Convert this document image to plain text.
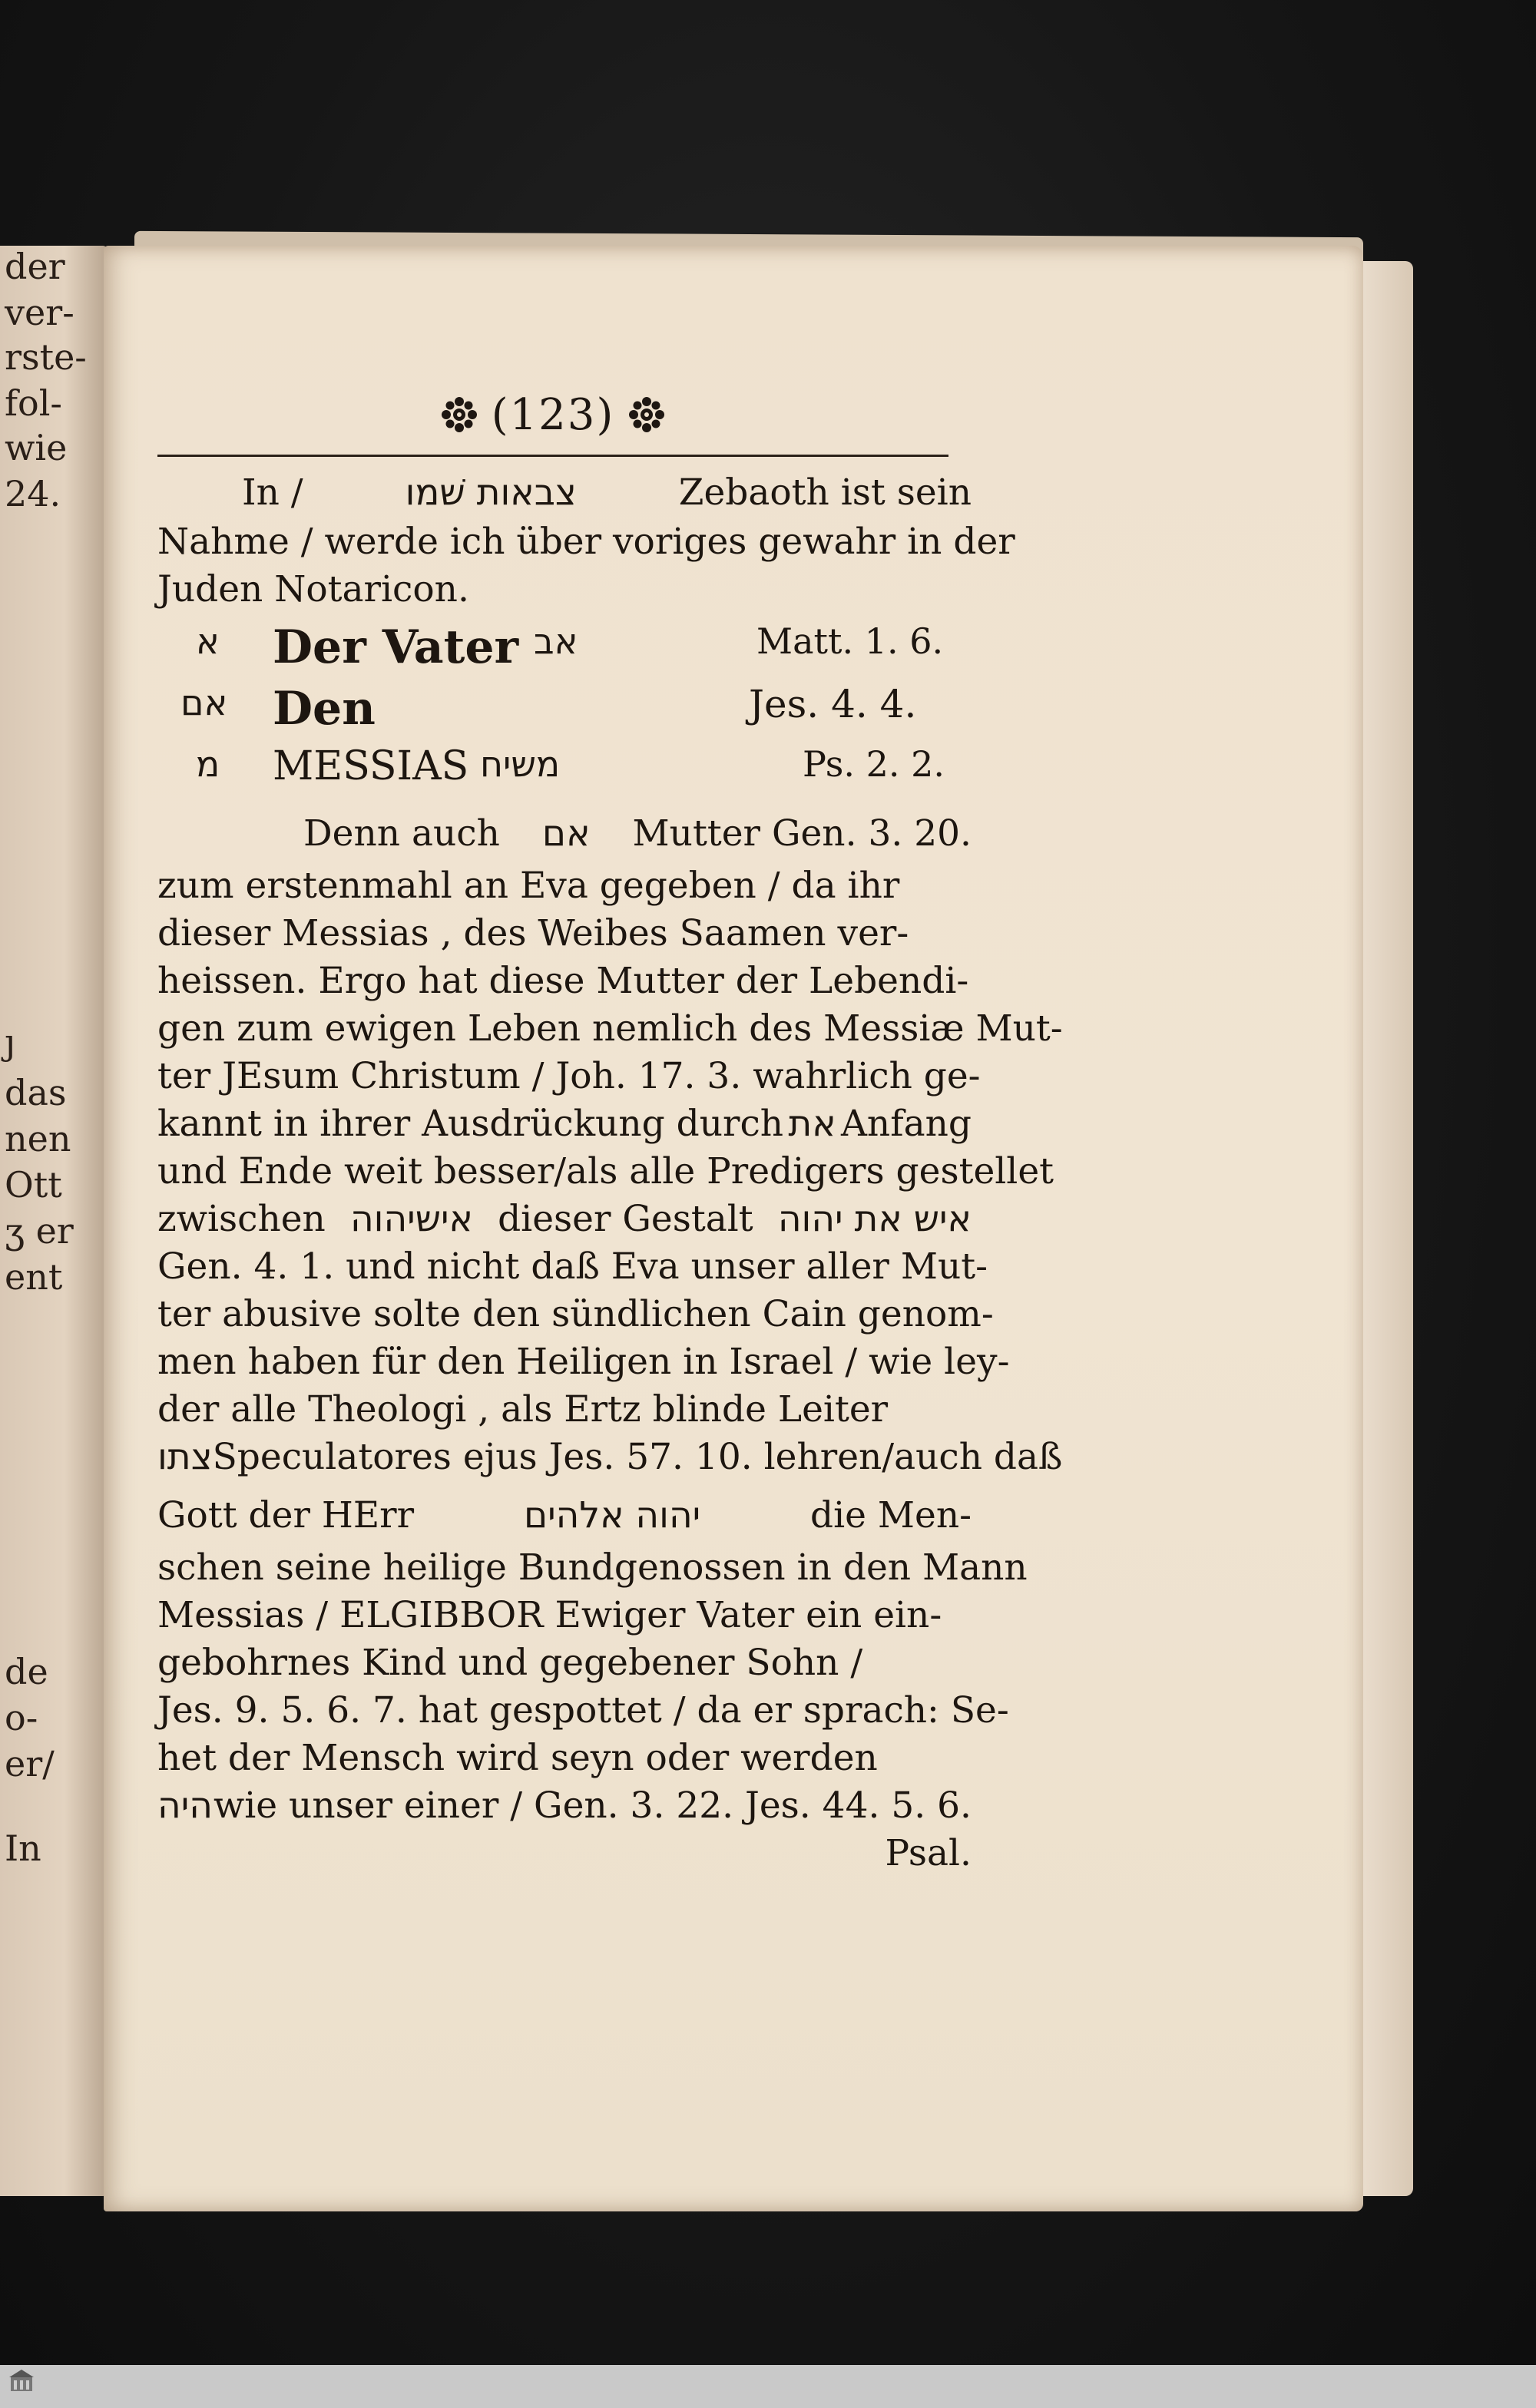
der
ver-
rste-
fol-
wie
24.
ȷ
das
nen
Ott
ʒ er
ent
de
o-
er/
In
(123)
In /	צבאות שׁמו	Zebaoth ist sein
Nahme / werde ich über voriges gewahr in der
Juden Notaricon.
א Der Vater אב	Matt. 1. 6.
אם Den	Jes. 4. 4.
מ MESSIAS משיח	Ps. 2. 2.
Denn auch אם Mutter Gen. 3. 20.
zum erstenmahl an Eva gegeben / da ihr
dieser Messias , des Weibes Saamen ver-
heissen. Ergo hat diese Mutter der Lebendi-
gen zum ewigen Leben nemlich des Messiæ Mut-
ter JEsum Christum / Joh. 17. 3. wahrlich ge-
kannt in ihrer Ausdrückung durch את Anfang
und Ende weit besser/als alle Predigers gestellet
zwischen אישיהוה dieser Gestalt איש את יהוה
Gen. 4. 1. und nicht daß Eva unser aller Mut-
ter abusive solte den sündlichen Cain genom-
men haben für den Heiligen in Israel / wie ley-
der alle Theologi , als Ertz blinde Leiter
צתו Speculatores ejus Jes. 57. 10. lehren/auch daß
Gott der HErr	יהוה אלהים	die Men-
schen seine heilige Bundgenossen in den Mann
Messias / ELGIBBOR Ewiger Vater ein ein-
gebohrnes Kind und gegebener Sohn /
Jes. 9. 5. 6. 7. hat gespottet / da er sprach: Se-
het der Mensch wird seyn oder werden
היה wie unser einer / Gen. 3. 22. Jes. 44. 5. 6.
Psal.
